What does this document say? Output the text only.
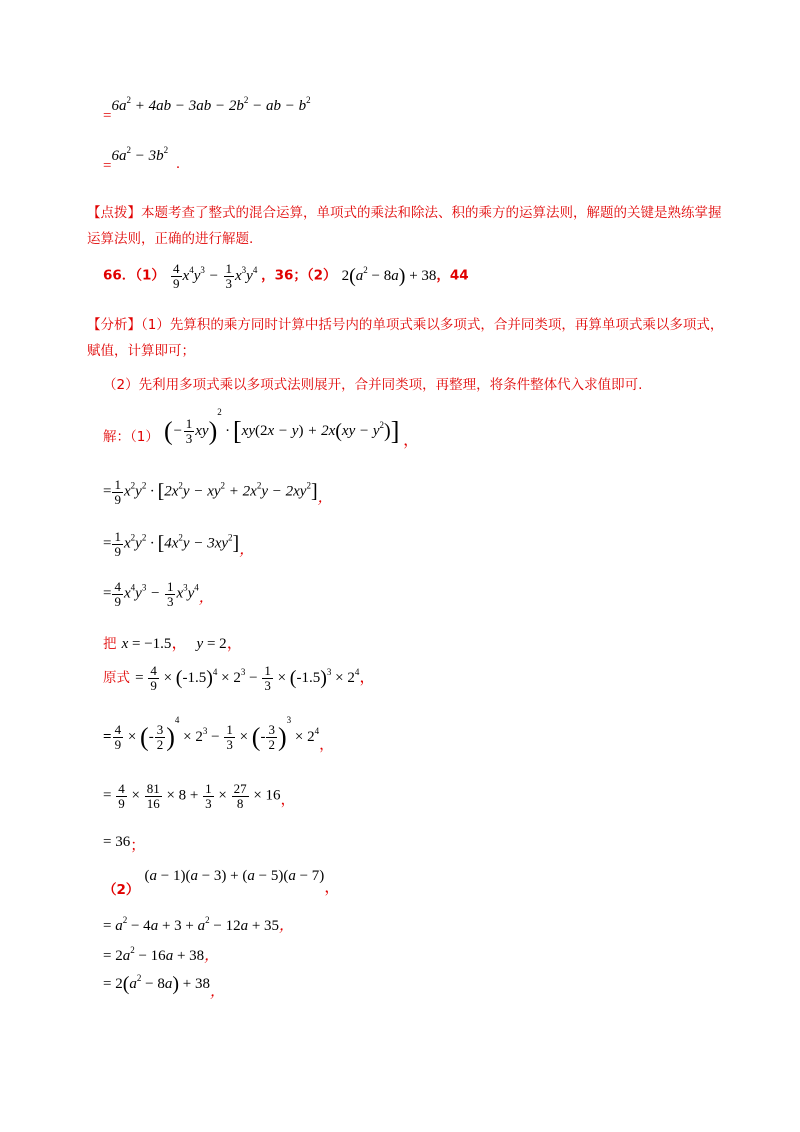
$=6a^2 + 4ab - 3ab - 2b^2$ − ab − $b^2$
$=6a^2 - 3b^2$.
【点拨】本题考查了整式的混合运算，单项式的乘法和除法、积的乘方的运算法则，解题的关键是熟练掌握运算法则，正确的进行解题.
66．$(1) \frac{4}{9} x^4y^3 - \frac{1}{3} x^3y^4$ ，36；（2） $2(a^2 - 8a) + 38$，44
【分析】（1）先算积的乘方同时计算中括号内的单项式乘以多项式，合并同类项，再算单项式乘以多项式，赋值，计算即可；
（2）先利用多项式乘以多项式法则展开，合并同类项，再整理，将条件整体代入求值即可.
$_{解:(1)}$ (− $\frac{1}{3} xy)^2 \cdot [xy(2x - y) + 2x(xy - y^2)]$ ，
= $\frac{1}{9} x^2y^2 \cdot [2x^2y - xy^2 + 2x^2y - 2xy^2]$，
= $\frac{1}{9} x^2y^2 \cdot [4x^2y - 3xy^2]$，
= $\frac{4}{9} x^4y^3 - \frac{1}{3} x^3y^4$，
把 x = −1.5， y = 2，
原式 = $\frac{4}{9} \times (-1.5)^4 \times 2^3 - \frac{1}{3} \times (-1.5)^3 \times 2^4$，
= $\frac{4}{9}$ × (- $\frac{3}{2} )^4 \times 2^3 - \frac{1}{3}$ × (- $\frac{3}{2} )^3 \times 2^4$，
= $\frac{4}{9} \times \frac{81}{16} \times 8 + \frac{1}{3} \times \frac{27}{8} \times 16$，
= 36；
$_{(2)}$ (a − 1)(a − 3) + (a − 5)(a − 7)，
= $a^2 - 4a + 3 + a^2 - 12a + 35$，
= $2a^2 - 16a + 38$，
= $2(a^2 - 8a) + 38$，
